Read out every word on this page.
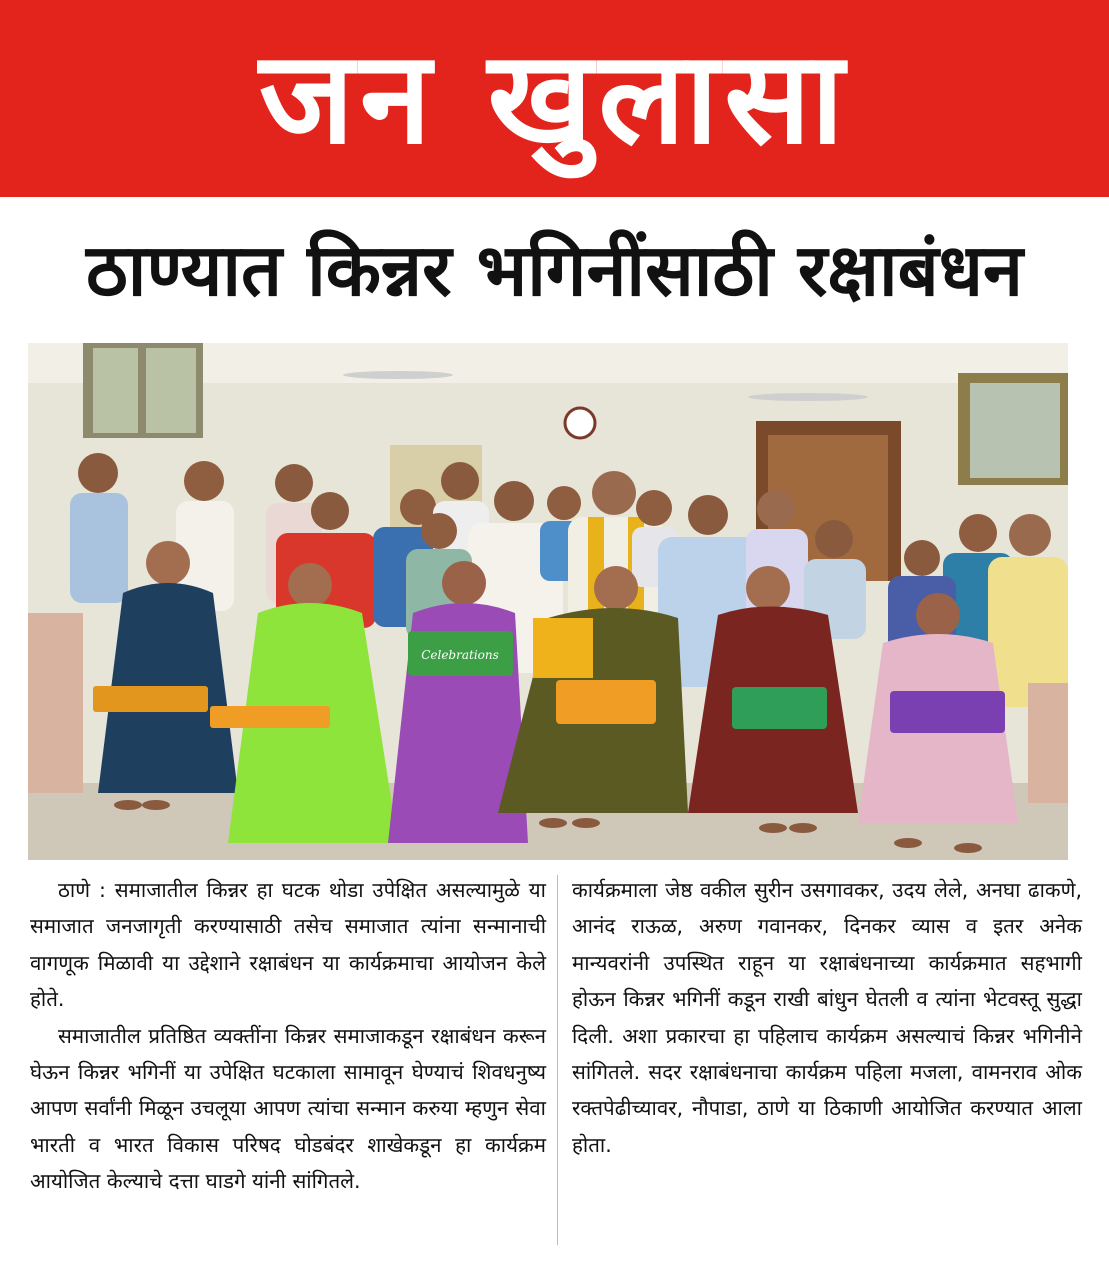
जन खुलासा
ठाण्यात किन्नर भगिनींसाठी रक्षाबंधन
Celebrations

ठाणे : समाजातील किन्नर हा घटक थोडा उपेक्षित असल्यामुळे या समाजात जनजागृती करण्यासाठी तसेच समाजात त्यांना सन्मानाची वागणूक मिळावी या उद्देशाने रक्षाबंधन या कार्यक्रमाचा आयोजन केले होते.

समाजातील प्रतिष्ठित व्यक्तींना किन्नर समाजाकडून रक्षाबंधन करून घेऊन किन्नर भगिनीं या उपेक्षित घटकाला सामावून घेण्याचं शिवधनुष्य आपण सर्वांनी मिळून उचलूया आपण त्यांचा सन्मान करुया म्हणुन सेवा भारती व भारत विकास परिषद घोडबंदर शाखेकडून हा कार्यक्रम आयोजित केल्याचे दत्ता घाडगे यांनी सांगितले.

कार्यक्रमाला जेष्ठ वकील सुरीन उसगावकर, उदय लेले, अनघा ढाकणे, आनंद राऊळ, अरुण गवानकर, दिनकर व्यास व इतर अनेक मान्यवरांनी उपस्थित राहून या रक्षाबंधनाच्या कार्यक्रमात सहभागी होऊन किन्नर भगिनीं कडून राखी बांधुन घेतली व त्यांना भेटवस्तू सुद्धा दिली. अशा प्रकारचा हा पहिलाच कार्यक्रम असल्याचं किन्नर भगिनीने सांगितले. सदर रक्षाबंधनाचा कार्यक्रम पहिला मजला, वामनराव ओक रक्तपेढीच्यावर, नौपाडा, ठाणे या ठिकाणी आयोजित करण्यात आला होता.
